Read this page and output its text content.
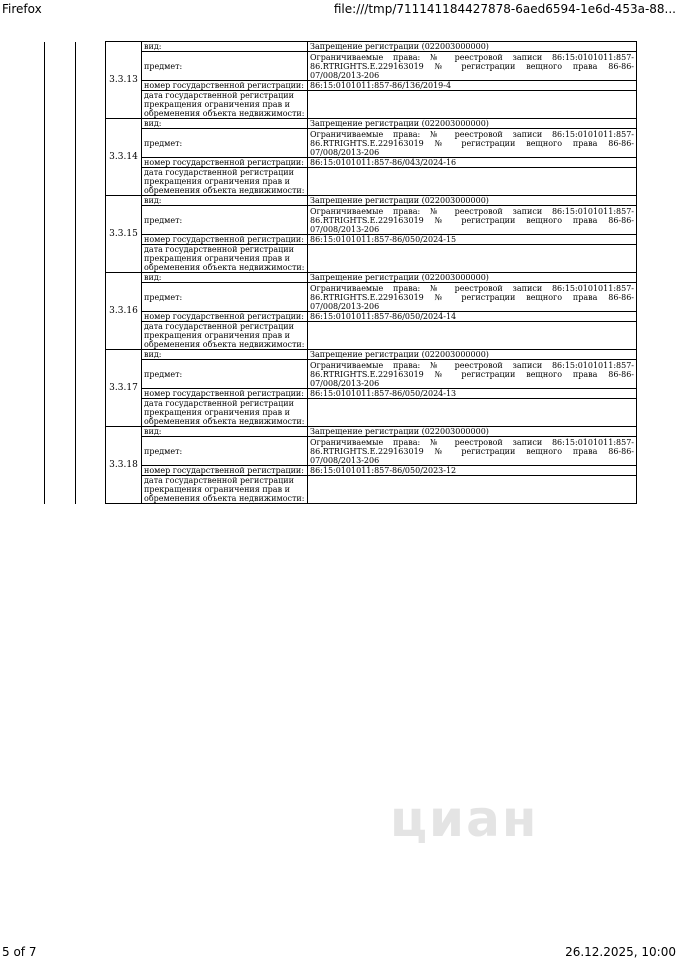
Firefox	file:///tmp/711141184427878-6aed6594-1e6d-453a-88...
		3.3.13	вид:	Запрещение регистрации (022003000000)
			предмет:	Ограничиваемые права: № реестровой записи 86:15:0101011:857-86.RTRIGHTS.E.229163019 № регистрации вещного права 86-86-07/008/2013-206
			номер государственной регистрации:	86:15:0101011:857-86/136/2019-4
			дата государственной регистрации прекращения ограничения прав и обременения объекта недвижимости:	
		3.3.14	вид:	Запрещение регистрации (022003000000)
			предмет:	Ограничиваемые права: № реестровой записи 86:15:0101011:857-86.RTRIGHTS.E.229163019 № регистрации вещного права 86-86-07/008/2013-206
			номер государственной регистрации:	86:15:0101011:857-86/043/2024-16
			дата государственной регистрации прекращения ограничения прав и обременения объекта недвижимости:	
		3.3.15	вид:	Запрещение регистрации (022003000000)
			предмет:	Ограничиваемые права: № реестровой записи 86:15:0101011:857-86.RTRIGHTS.E.229163019 № регистрации вещного права 86-86-07/008/2013-206
			номер государственной регистрации:	86:15:0101011:857-86/050/2024-15
			дата государственной регистрации прекращения ограничения прав и обременения объекта недвижимости:	
		3.3.16	вид:	Запрещение регистрации (022003000000)
			предмет:	Ограничиваемые права: № реестровой записи 86:15:0101011:857-86.RTRIGHTS.E.229163019 № регистрации вещного права 86-86-07/008/2013-206
			номер государственной регистрации:	86:15:0101011:857-86/050/2024-14
			дата государственной регистрации прекращения ограничения прав и обременения объекта недвижимости:	
		3.3.17	вид:	Запрещение регистрации (022003000000)
			предмет:	Ограничиваемые права: № реестровой записи 86:15:0101011:857-86.RTRIGHTS.E.229163019 № регистрации вещного права 86-86-07/008/2013-206
			номер государственной регистрации:	86:15:0101011:857-86/050/2024-13
			дата государственной регистрации прекращения ограничения прав и обременения объекта недвижимости:	
		3.3.18	вид:	Запрещение регистрации (022003000000)
			предмет:	Ограничиваемые права: № реестровой записи 86:15:0101011:857-86.RTRIGHTS.E.229163019 № регистрации вещного права 86-86-07/008/2013-206
			номер государственной регистрации:	86:15:0101011:857-86/050/2023-12
			дата государственной регистрации прекращения ограничения прав и обременения объекта недвижимости:	
циан
5 of 7	26.12.2025, 10:00
